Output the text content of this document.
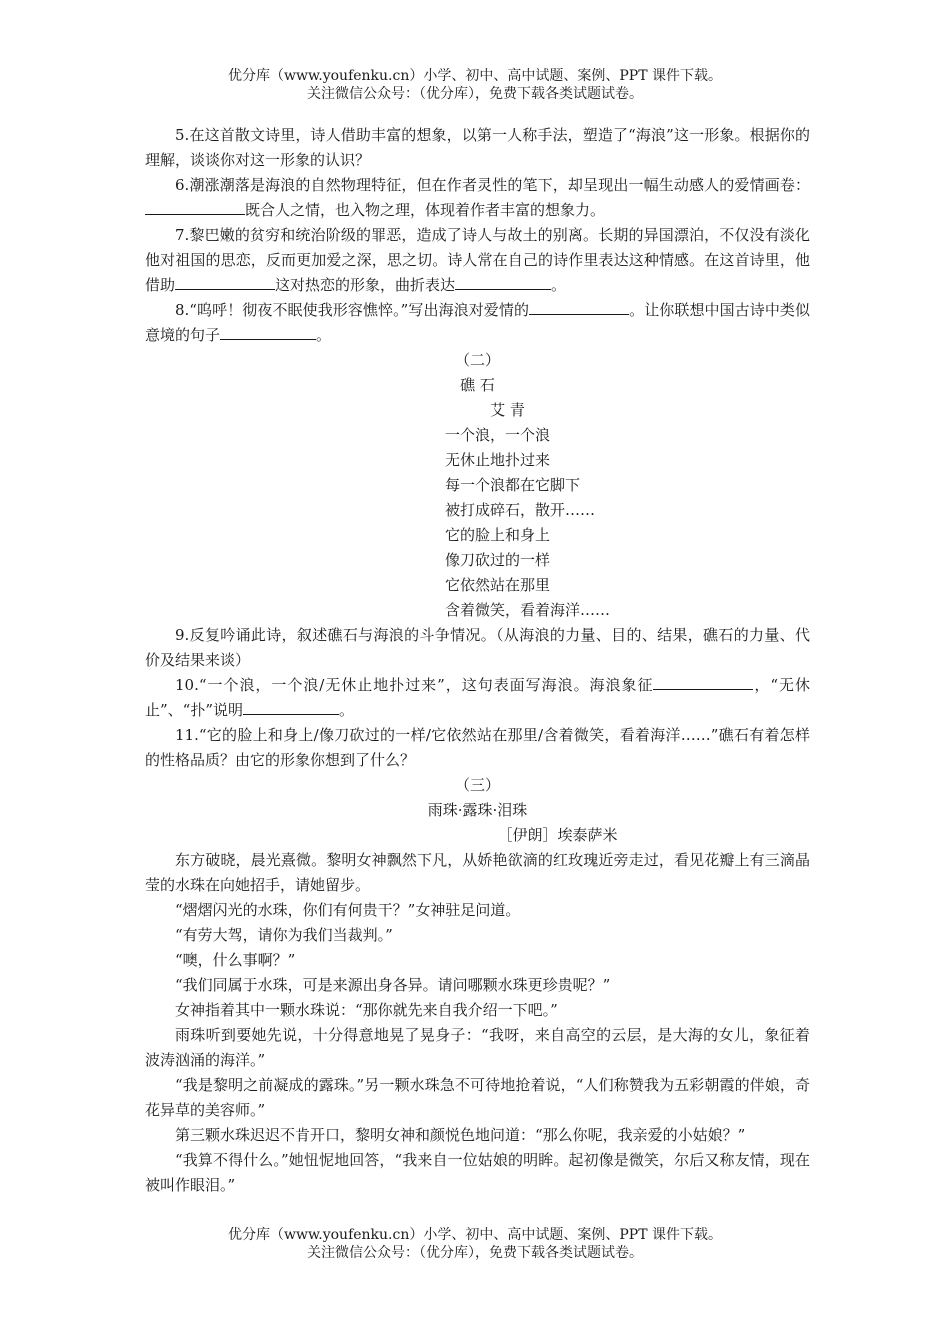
优分库（www.youfenku.cn）小学、初中、高中试题、案例、PPT 课件下载。
关注微信公众号：（优分库），免费下载各类试题试卷。

5.在这首散文诗里，诗人借助丰富的想象，以第一人称手法，塑造了“海浪”这一形象。根据你的理解，谈谈你对这一形象的认识？

6.潮涨潮落是海浪的自然物理特征，但在作者灵性的笔下，却呈现出一幅生动感人的爱情画卷：既合人之情，也入物之理，体现着作者丰富的想象力。

7.黎巴嫩的贫穷和统治阶级的罪恶，造成了诗人与故土的别离。长期的异国漂泊，不仅没有淡化他对祖国的思恋，反而更加爱之深，思之切。诗人常在自己的诗作里表达这种情感。在这首诗里，他借助	这对热恋的形象，曲折表达	。

8.“呜呼！彻夜不眠使我形容憔悴。”写出海浪对爱情的	。让你联想中国古诗中类似意境的句子	。

（二）

礁 石

艾 青

一个浪，一个浪

无休止地扑过来

每一个浪都在它脚下

被打成碎石，散开……

它的脸上和身上

像刀砍过的一样

它依然站在那里

含着微笑，看着海洋……

9.反复吟诵此诗，叙述礁石与海浪的斗争情况。（从海浪的力量、目的、结果，礁石的力量、代价及结果来谈）

10.“一个浪，一个浪/无休止地扑过来”，这句表面写海浪。海浪象征	，“无休止”、“扑”说明	。

11.“它的脸上和身上/像刀砍过的一样/它依然站在那里/含着微笑，看着海洋……”礁石有着怎样的性格品质？由它的形象你想到了什么？

（三）

雨珠·露珠·泪珠

［伊朗］埃泰萨米

东方破晓，晨光熹微。黎明女神飘然下凡，从娇艳欲滴的红玫瑰近旁走过，看见花瓣上有三滴晶莹的水珠在向她招手，请她留步。

“熠熠闪光的水珠，你们有何贵干？”女神驻足问道。

“有劳大驾，请你为我们当裁判。”

“噢，什么事啊？”

“我们同属于水珠，可是来源出身各异。请问哪颗水珠更珍贵呢？”

女神指着其中一颗水珠说：“那你就先来自我介绍一下吧。”

雨珠听到要她先说，十分得意地晃了晃身子：“我呀，来自高空的云层，是大海的女儿，象征着波涛汹涌的海洋。”

“我是黎明之前凝成的露珠。”另一颗水珠急不可待地抢着说，“人们称赞我为五彩朝霞的伴娘，奇花异草的美容师。”

第三颗水珠迟迟不肯开口，黎明女神和颜悦色地问道：“那么你呢，我亲爱的小姑娘？”

“我算不得什么。”她忸怩地回答，“我来自一位姑娘的明眸。起初像是微笑，尔后又称友情，现在被叫作眼泪。”

优分库（www.youfenku.cn）小学、初中、高中试题、案例、PPT 课件下载。
关注微信公众号：（优分库），免费下载各类试题试卷。
